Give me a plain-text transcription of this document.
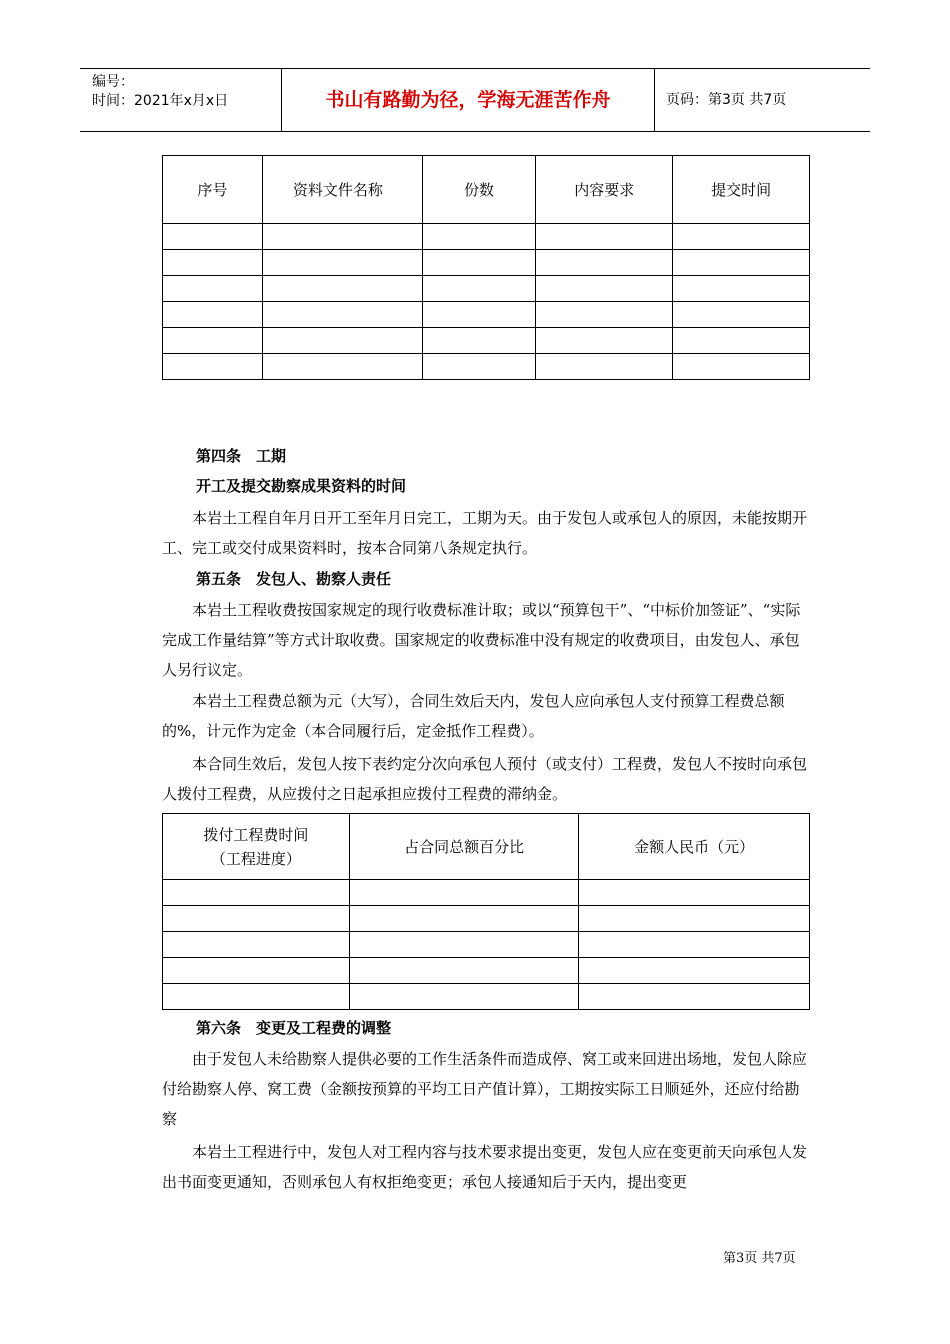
编号：
时间：2021年x月x日	书山有路勤为径，学海无涯苦作舟	页码：第3页 共7页
序号	资料文件名称	份数	内容要求	提交时间

第四条　工期
开工及提交勘察成果资料的时间
本岩土工程自年月日开工至年月日完工，工期为天。由于发包人或承包人的原因，未能按期开工、完工或交付成果资料时，按本合同第八条规定执行。
第五条　发包人、勘察人责任
本岩土工程收费按国家规定的现行收费标准计取；或以“预算包干”、“中标价加签证”、“实际完成工作量结算”等方式计取收费。国家规定的收费标准中没有规定的收费项目，由发包人、承包人另行议定。
本岩土工程费总额为元（大写），合同生效后天内，发包人应向承包人支付预算工程费总额的%，计元作为定金（本合同履行后，定金抵作工程费）。
本合同生效后，发包人按下表约定分次向承包人预付（或支付）工程费，发包人不按时向承包人拨付工程费，从应拨付之日起承担应拨付工程费的滞纳金。
拨付工程费时间（工程进度）	占合同总额百分比	金额人民币（元）

第六条　变更及工程费的调整
由于发包人未给勘察人提供必要的工作生活条件而造成停、窝工或来回进出场地，发包人除应付给勘察人停、窝工费（金额按预算的平均工日产值计算），工期按实际工日顺延外，还应付给勘察
本岩土工程进行中，发包人对工程内容与技术要求提出变更，发包人应在变更前天向承包人发出书面变更通知，否则承包人有权拒绝变更；承包人接通知后于天内，提出变更
第3页 共7页
